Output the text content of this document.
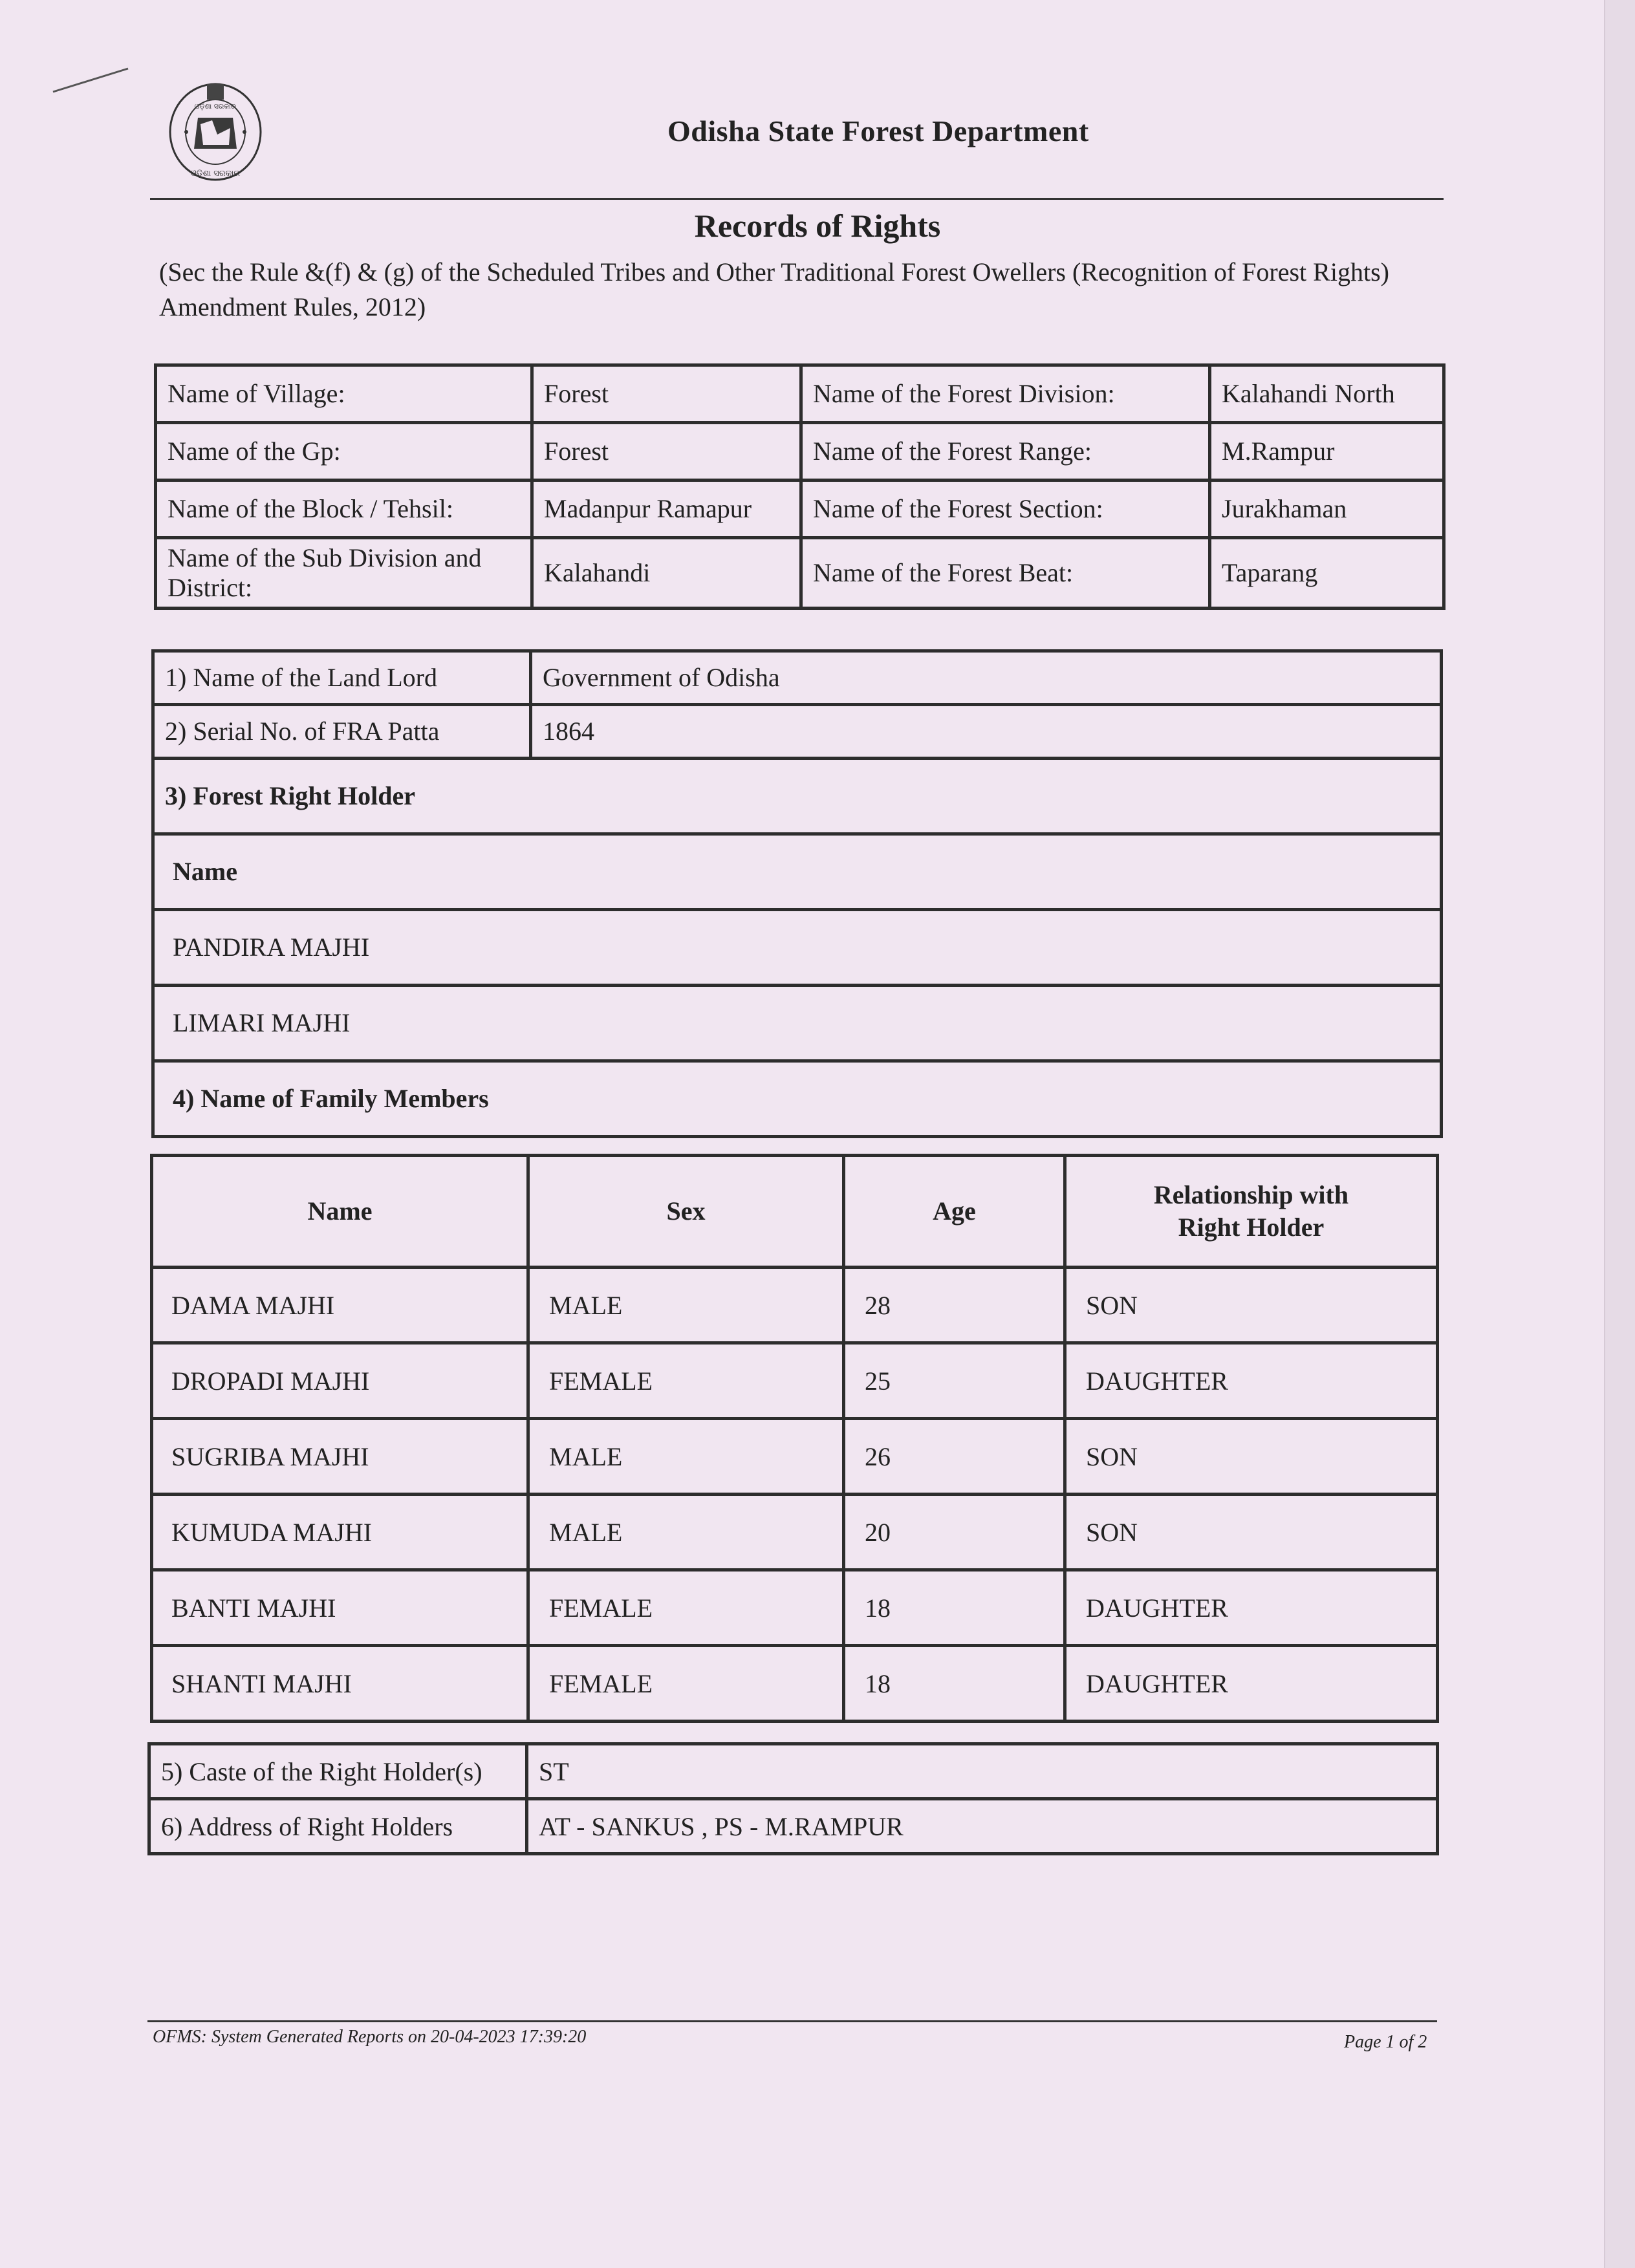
ଓଡ଼ିଶା ସରକାର
ଓଡ଼ିଶା ସରକାର
Odisha State Forest Department
Records of Rights
(Sec the Rule &(f) & (g) of the Scheduled Tribes and Other Traditional Forest Owellers (Recognition of Forest Rights) Amendment Rules, 2012)
Name of Village:	Forest	Name of the Forest Division:	Kalahandi North
Name of the Gp:	Forest	Name of the Forest Range:	M.Rampur
Name of the Block / Tehsil:	Madanpur Ramapur	Name of the Forest Section:	Jurakhaman
Name of the Sub Division and District:	Kalahandi	Name of the Forest Beat:	Taparang
1) Name of the Land Lord	Government of Odisha
2) Serial No. of FRA Patta	1864
3) Forest Right Holder	
Name	
PANDIRA MAJHI	
LIMARI MAJHI	
4) Name of Family Members	
Name	Sex	Age	Relationship with Right Holder
DAMA MAJHI	MALE	28	SON
DROPADI MAJHI	FEMALE	25	DAUGHTER
SUGRIBA MAJHI	MALE	26	SON
KUMUDA MAJHI	MALE	20	SON
BANTI MAJHI	FEMALE	18	DAUGHTER
SHANTI MAJHI	FEMALE	18	DAUGHTER
5) Caste of the Right Holder(s)	ST
6) Address of Right Holders	AT - SANKUS , PS - M.RAMPUR
OFMS: System Generated Reports on 20-04-2023 17:39:20	Page 1 of 2
